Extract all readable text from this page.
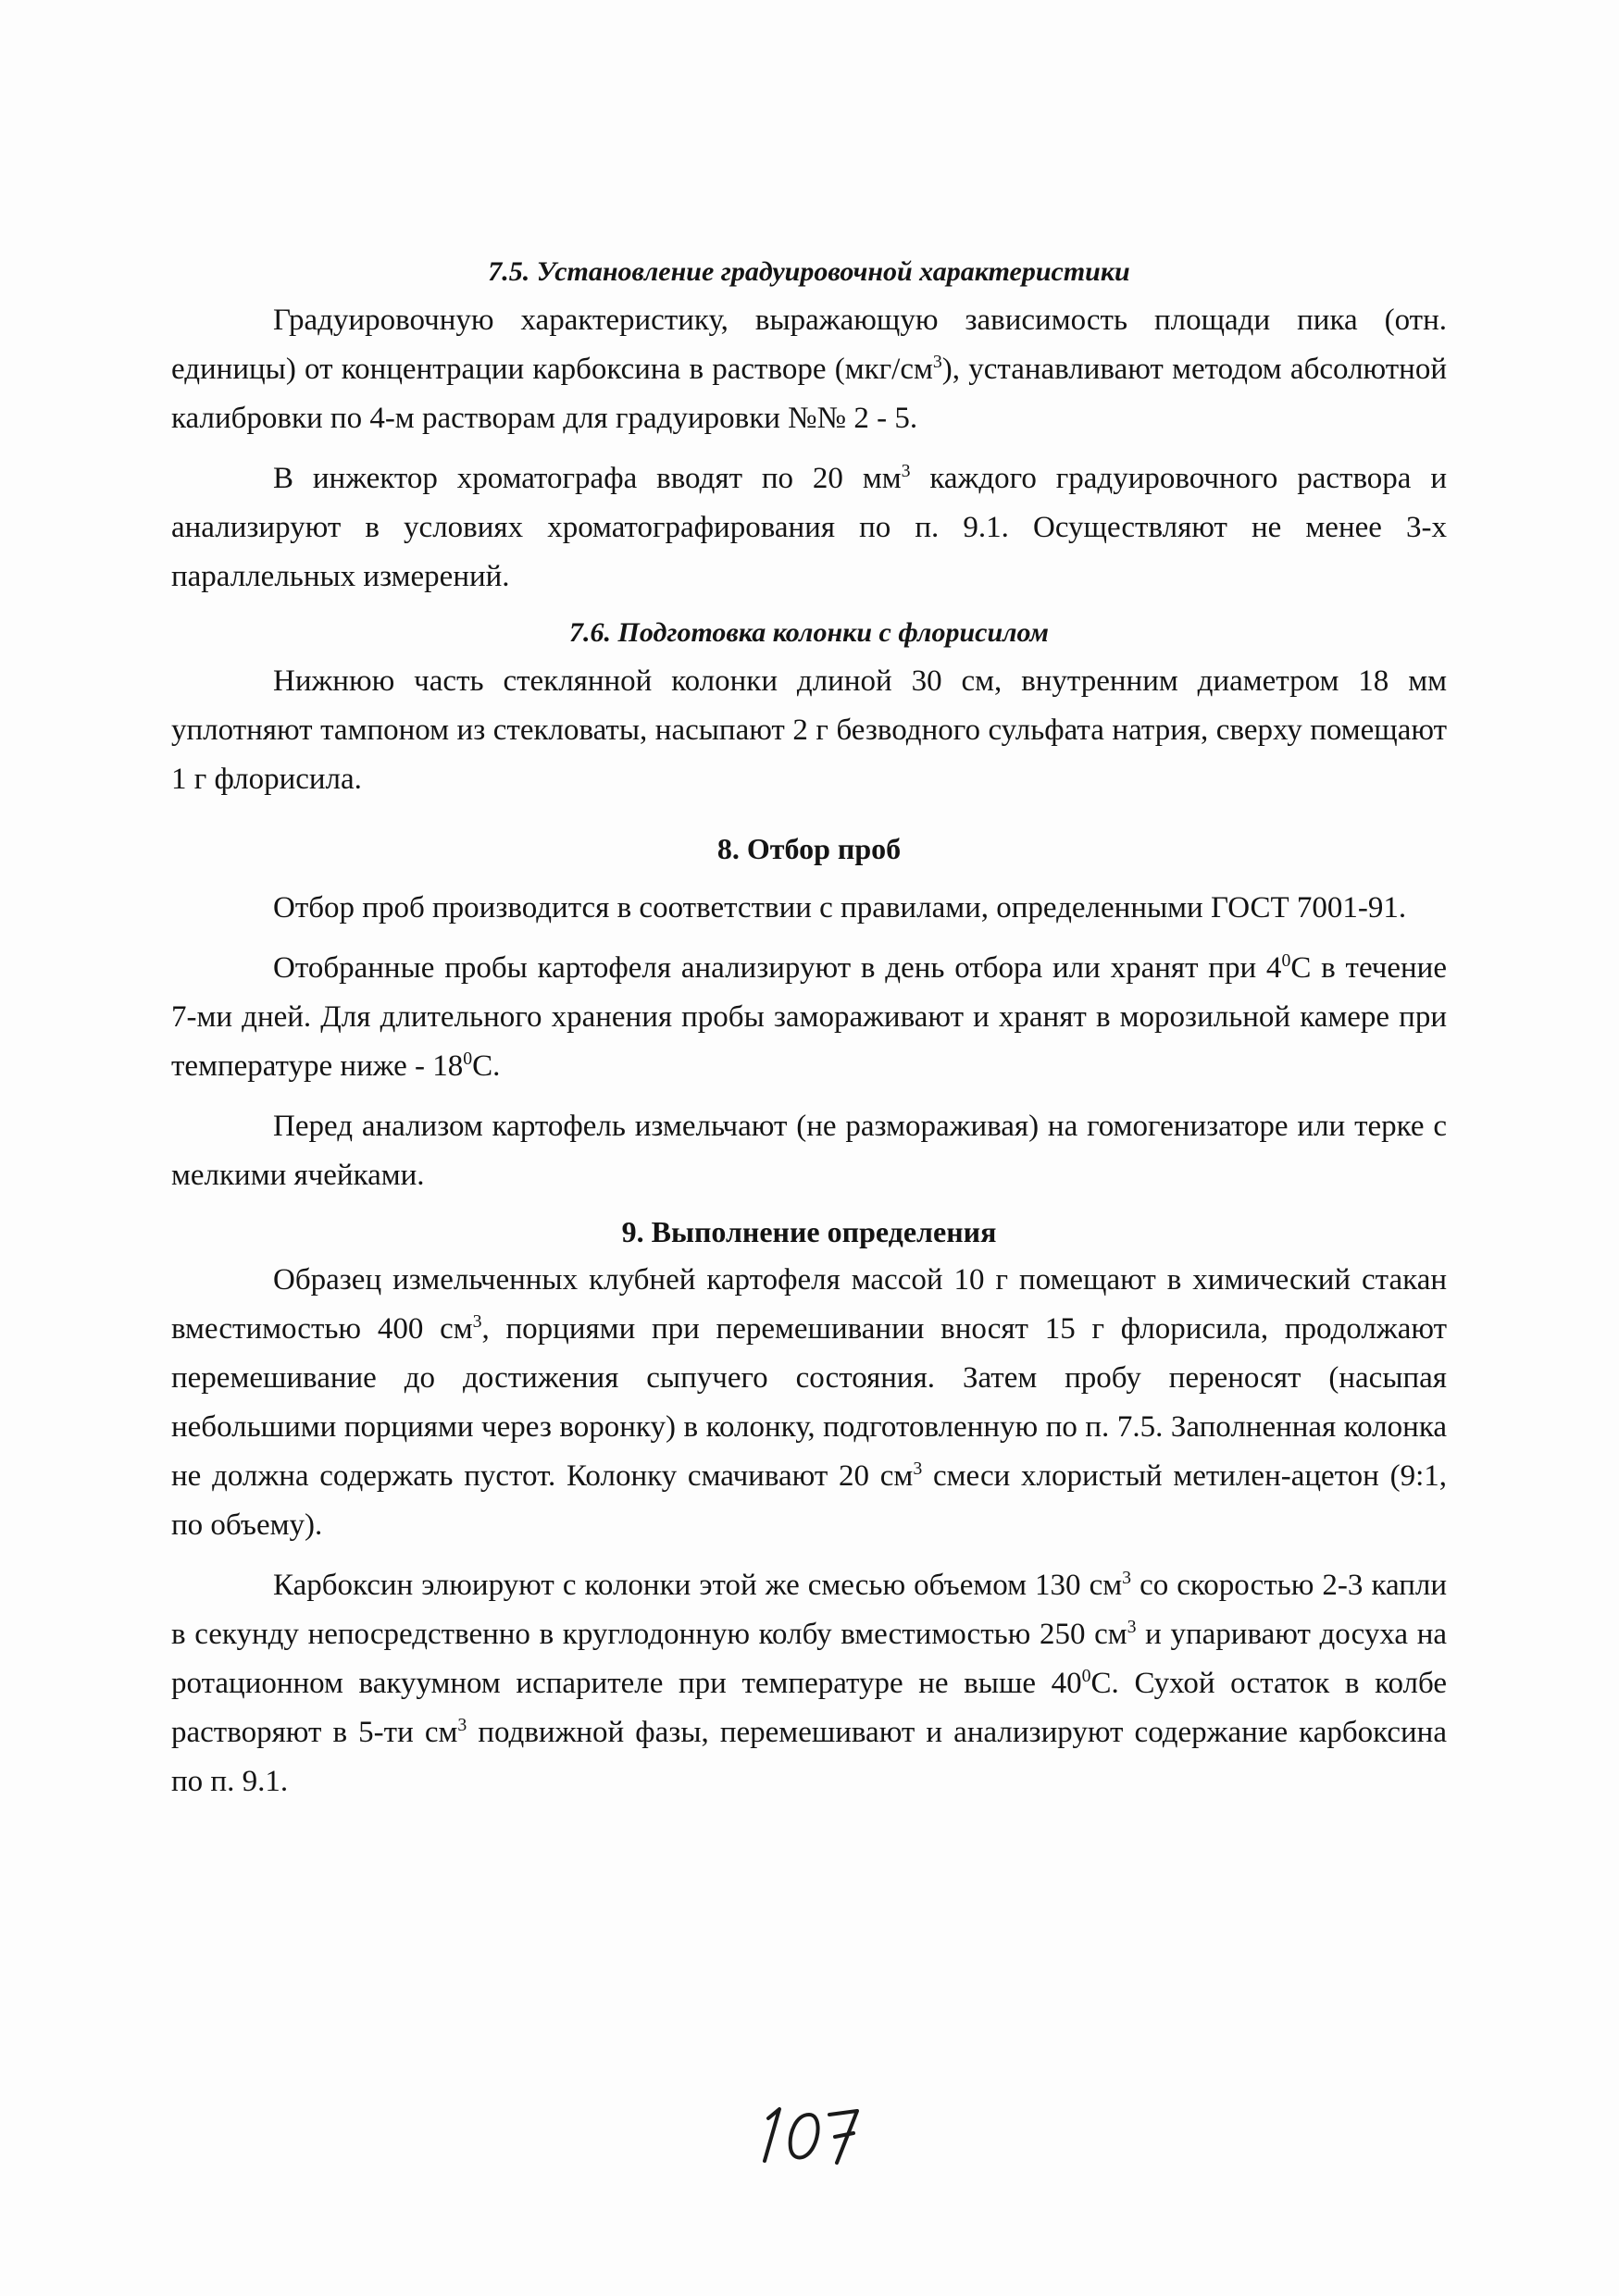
7.5. Установление градуировочной характеристики

Градуировочную характеристику, выражающую зависимость площади пика (отн. единицы) от концентрации карбоксина в растворе $(мкг/см^3)$, устанавливают методом абсолютной калибровки по 4-м растворам для градуировки №№ 2 - 5.

В инжектор хроматографа вводят по 20 $мм^3$ каждого градуировочного раствора и анализируют в условиях хроматографирования по п. 9.1. Осуществляют не менее 3-х параллельных измерений.

7.6. Подготовка колонки с флорисилом

Нижнюю часть стеклянной колонки длиной 30 см, внутренним диаметром 18 мм уплотняют тампоном из стекловаты, насыпают 2 г безводного сульфата натрия, сверху помещают 1 г флорисила.

8. Отбор проб

Отбор проб производится в соответствии с правилами, определенными ГОСТ 7001-91.

Отобранные пробы картофеля анализируют в день отбора или хранят при $4^0С$ в течение 7-ми дней. Для длительного хранения пробы замораживают и хранят в морозильной камере при температуре ниже - $18^0С$.

Перед анализом картофель измельчают (не размораживая) на гомогенизаторе или терке с мелкими ячейками.

9. Выполнение определения

Образец измельченных клубней картофеля массой 10 г помещают в химический стакан вместимостью 400 $см^3$, порциями при перемешивании вносят 15 г флорисила, продолжают перемешивание до достижения сыпучего состояния. Затем пробу переносят (насыпая небольшими порциями через воронку) в колонку, подготовленную по п. 7.5. Заполненная колонка не должна содержать пустот. Колонку смачивают 20 $см^3$ смеси хлористый метилен-ацетон (9:1, по объему).

Карбоксин элюируют с колонки этой же смесью объемом 130 $см^3$ со скоростью 2-3 капли в секунду непосредственно в круглодонную колбу вместимостью 250 $см^3$ и упаривают досуха на ротационном вакуумном испарителе при температуре не выше $40^0С$. Сухой остаток в колбе растворяют в 5-ти $см^3$ подвижной фазы, перемешивают и анализируют содержание карбоксина по п. 9.1.
